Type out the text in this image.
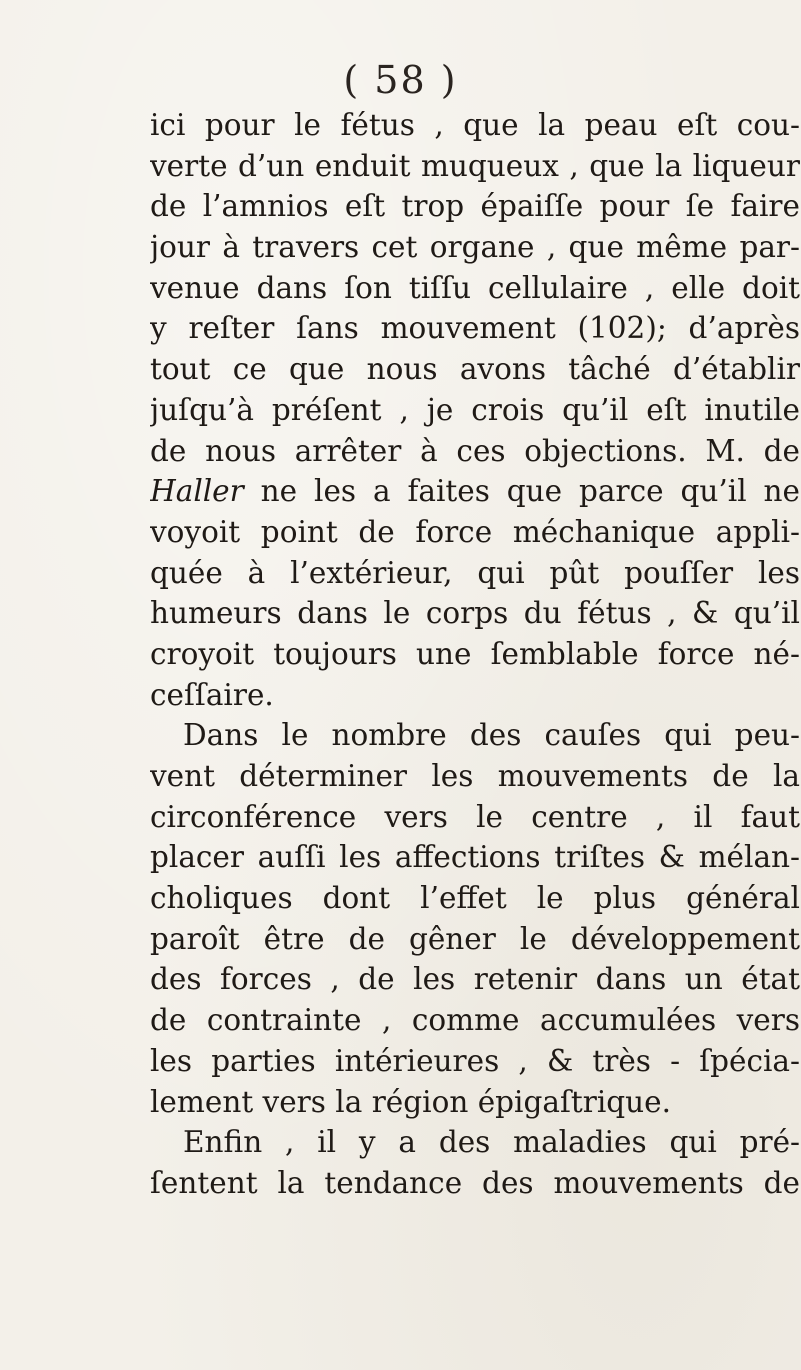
( 58 )
ici pour le fétus , que la peau eſt cou-
verte d’un enduit muqueux , que la liqueur
de l’amnios eſt trop épaiſſe pour ſe faire
jour à travers cet organe , que même par-
venue dans ſon tiſſu cellulaire , elle doit
y reſter ſans mouvement (102); d’après
tout ce que nous avons tâché d’établir
juſqu’à préſent , je crois qu’il eſt inutile
de nous arrêter à ces objections. M. de
Haller ne les a faites que parce qu’il ne
voyoit point de force méchanique appli-
quée à l’extérieur, qui pût pouſſer les
humeurs dans le corps du fétus , & qu’il
croyoit toujours une ſemblable force né-
ceſſaire.
Dans le nombre des cauſes qui peu-
vent déterminer les mouvements de la
circonférence vers le centre , il faut
placer auſſi les affections triſtes & mélan-
choliques dont l’effet le plus général
paroît être de gêner le développement
des forces , de les retenir dans un état
de contrainte , comme accumulées vers
les parties intérieures , & très - ſpécia-
lement vers la région épigaſtrique.
Enfin , il y a des maladies qui pré-
ſentent la tendance des mouvements de
